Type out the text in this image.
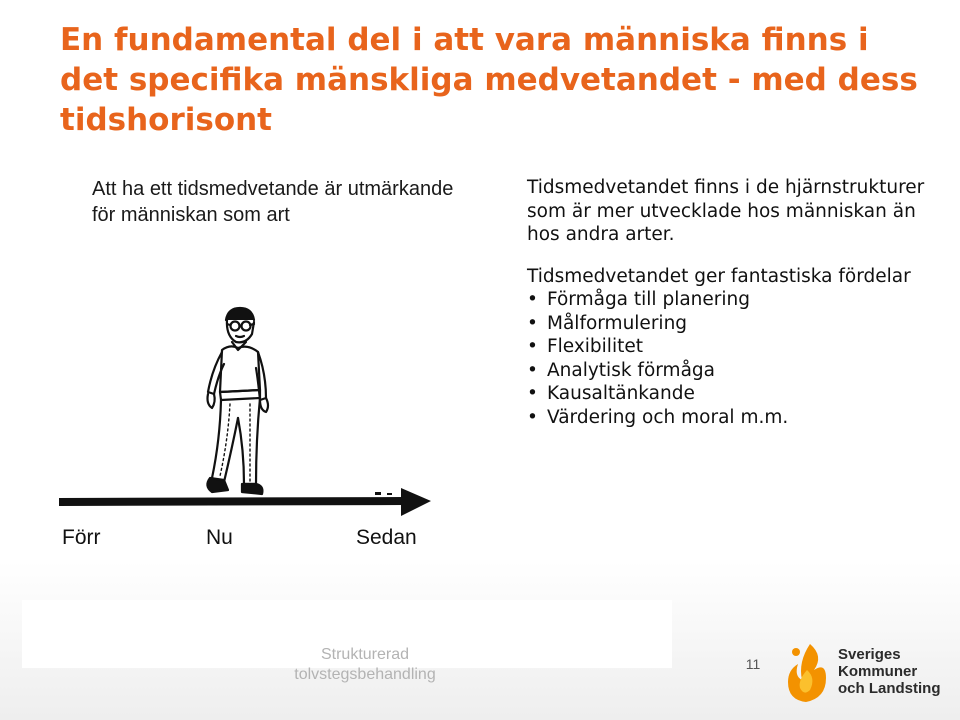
En fundamental del i att vara människa finns i det specifika mänskliga medvetandet - med dess tidshorisont
Att ha ett tidsmedvetande är utmärkande för människan som art

Tidsmedvetandet finns i de hjärnstrukturer som är mer utvecklade hos människan än hos andra arter.

Tidsmedvetandet ger fantastiska fördelar

• Förmåga till planering
• Målformulering
• Flexibilitet
• Analytisk förmåga
• Kausaltänkande
• Värdering och moral m.m.
Förr	Nu	Sedan
Strukturerad tolvstegsbehandling
11
Sveriges
Kommuner
och Landsting
